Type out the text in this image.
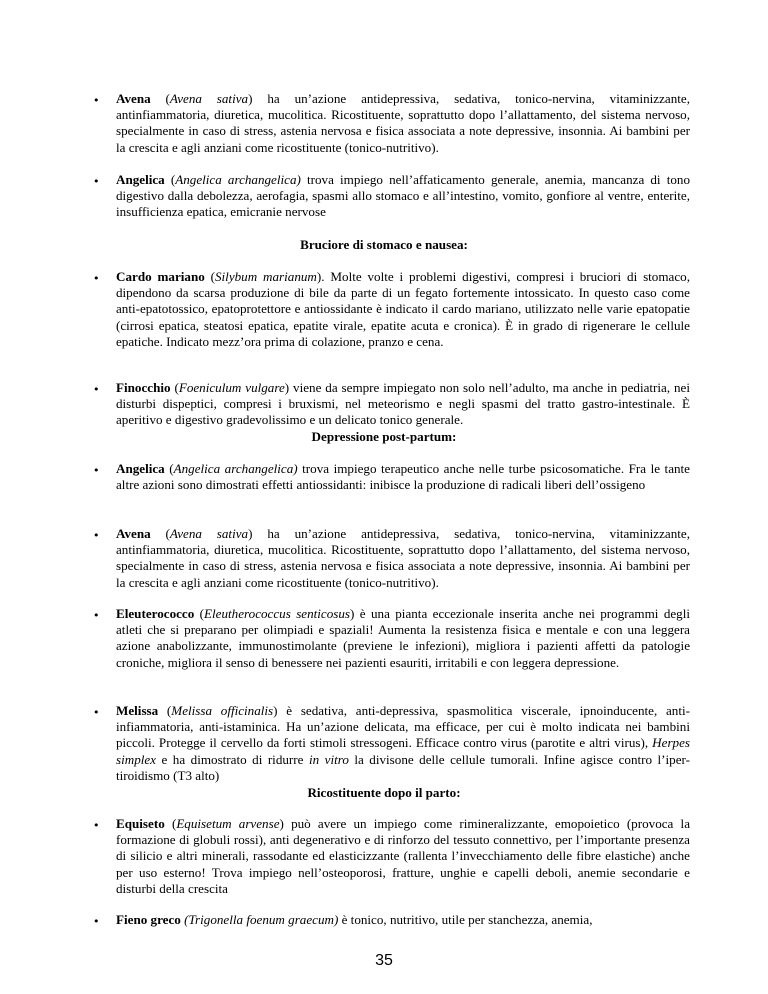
• Avena (Avena sativa) ha un’azione antidepressiva, sedativa, tonico-nervina, vitaminizzante, antinfiammatoria, diuretica, mucolitica. Ricostituente, soprattutto dopo l’allattamento, del sistema nervoso, specialmente in caso di stress, astenia nervosa e fisica associata a note depressive, insonnia. Ai bambini per la crescita e agli anziani come ricostituente (tonico-nutritivo).

• Angelica (Angelica archangelica) trova impiego nell’affaticamento generale, anemia, mancanza di tono digestivo dalla debolezza, aerofagia, spasmi allo stomaco e all’intestino, vomito, gonfiore al ventre, enterite, insufficienza epatica, emicranie nervose

Bruciore di stomaco e nausea:

• Cardo mariano (Silybum marianum). Molte volte i problemi digestivi, compresi i bruciori di stomaco, dipendono da scarsa produzione di bile da parte di un fegato fortemente intossicato. In questo caso come anti-epatotossico, epatoprotettore e antiossidante è indicato il cardo mariano, utilizzato nelle varie epatopatie (cirrosi epatica, steatosi epatica, epatite virale, epatite acuta e cronica). È in grado di rigenerare le cellule epatiche. Indicato mezz’ora prima di colazione, pranzo e cena.

• Finocchio (Foeniculum vulgare) viene da sempre impiegato non solo nell’adulto, ma anche in pediatria, nei disturbi dispeptici, compresi i bruxismi, nel meteorismo e negli spasmi del tratto gastro-intestinale. È aperitivo e digestivo gradevolissimo e un delicato tonico generale.

Depressione post-partum:

• Angelica (Angelica archangelica) trova impiego terapeutico anche nelle turbe psicosomatiche. Fra le tante altre azioni sono dimostrati effetti antiossidanti: inibisce la produzione di radicali liberi dell’ossigeno

• Avena (Avena sativa) ha un’azione antidepressiva, sedativa, tonico-nervina, vitaminizzante, antinfiammatoria, diuretica, mucolitica. Ricostituente, soprattutto dopo l’allattamento, del sistema nervoso, specialmente in caso di stress, astenia nervosa e fisica associata a note depressive, insonnia. Ai bambini per la crescita e agli anziani come ricostituente (tonico-nutritivo).

• Eleuterococco (Eleutherococcus senticosus) è una pianta eccezionale inserita anche nei programmi degli atleti che si preparano per olimpiadi e spaziali! Aumenta la resistenza fisica e mentale e con una leggera azione anabolizzante, immunostimolante (previene le infezioni), migliora i pazienti affetti da patologie croniche, migliora il senso di benessere nei pazienti esauriti, irritabili e con leggera depressione.

• Melissa (Melissa officinalis) è sedativa, anti-depressiva, spasmolitica viscerale, ipnoinducente, anti-infiammatoria, anti-istaminica. Ha un’azione delicata, ma efficace, per cui è molto indicata nei bambini piccoli. Protegge il cervello da forti stimoli stressogeni. Efficace contro virus (parotite e altri virus), Herpes simplex e ha dimostrato di ridurre in vitro la divisone delle cellule tumorali. Infine agisce contro l’iper-tiroidismo (T3 alto)

Ricostituente dopo il parto:

• Equiseto (Equisetum arvense) può avere un impiego come rimineralizzante, emopoietico (provoca la formazione di globuli rossi), anti degenerativo e di rinforzo del tessuto connettivo, per l’importante presenza di silicio e altri minerali, rassodante ed elasticizzante (rallenta l’invecchiamento delle fibre elastiche) anche per uso esterno! Trova impiego nell’osteoporosi, fratture, unghie e capelli deboli, anemie secondarie e disturbi della crescita

• Fieno greco (Trigonella foenum graecum) è tonico, nutritivo, utile per stanchezza, anemia,

35
